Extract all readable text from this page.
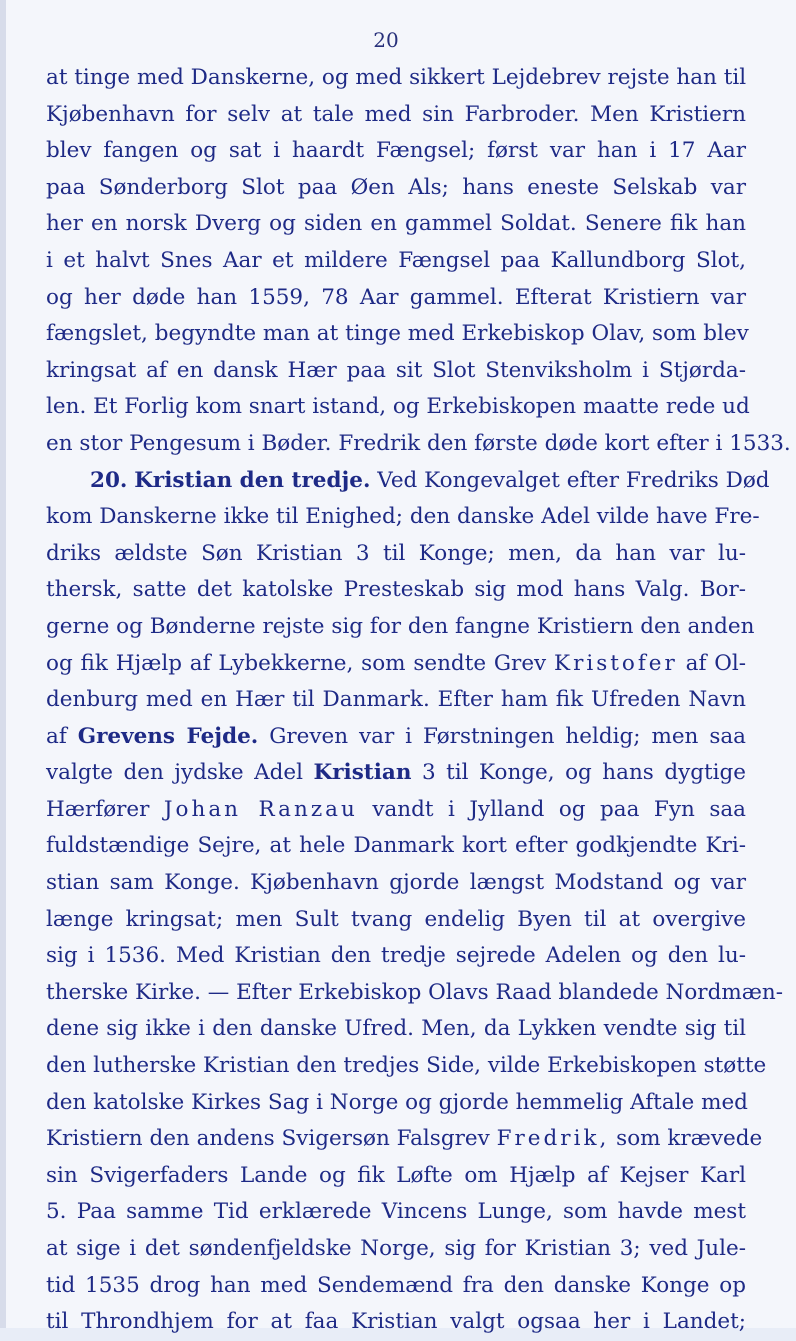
20
at tinge med Danskerne, og med sikkert Lejdebrev rejste han til
Kjøbenhavn for selv at tale med sin Farbroder. Men Kristiern
blev fangen og sat i haardt Fængsel; først var han i 17 Aar
paa Sønderborg Slot paa Øen Als; hans eneste Selskab var
her en norsk Dverg og siden en gammel Soldat. Senere fik han
i et halvt Snes Aar et mildere Fængsel paa Kallundborg Slot,
og her døde han 1559, 78 Aar gammel. Efterat Kristiern var
fængslet, begyndte man at tinge med Erkebiskop Olav, som blev
kringsat af en dansk Hær paa sit Slot Stenviksholm i Stjørda-
len. Et Forlig kom snart istand, og Erkebiskopen maatte rede ud
en stor Pengesum i Bøder. Fredrik den første døde kort efter i 1533.
20. Kristian den tredje. Ved Kongevalget efter Fredriks Død
kom Danskerne ikke til Enighed; den danske Adel vilde have Fre-
driks ældste Søn Kristian 3 til Konge; men, da han var lu-
thersk, satte det katolske Presteskab sig mod hans Valg. Bor-
gerne og Bønderne rejste sig for den fangne Kristiern den anden
og fik Hjælp af Lybekkerne, som sendte Grev Kristofer af Ol-
denburg med en Hær til Danmark. Efter ham fik Ufreden Navn
af Grevens Fejde. Greven var i Førstningen heldig; men saa
valgte den jydske Adel Kristian 3 til Konge, og hans dygtige
Hærfører Johan Ranzau vandt i Jylland og paa Fyn saa
fuldstændige Sejre, at hele Danmark kort efter godkjendte Kri-
stian sam Konge. Kjøbenhavn gjorde længst Modstand og var
længe kringsat; men Sult tvang endelig Byen til at overgive
sig i 1536. Med Kristian den tredje sejrede Adelen og den lu-
therske Kirke. — Efter Erkebiskop Olavs Raad blandede Nordmæn-
dene sig ikke i den danske Ufred. Men, da Lykken vendte sig til
den lutherske Kristian den tredjes Side, vilde Erkebiskopen støtte
den katolske Kirkes Sag i Norge og gjorde hemmelig Aftale med
Kristiern den andens Svigersøn Falsgrev Fredrik, som krævede
sin Svigerfaders Lande og fik Løfte om Hjælp af Kejser Karl
5. Paa samme Tid erklærede Vincens Lunge, som havde mest
at sige i det søndenfjeldske Norge, sig for Kristian 3; ved Jule-
tid 1535 drog han med Sendemænd fra den danske Konge op
til Throndhjem for at faa Kristian valgt ogsaa her i Landet;
